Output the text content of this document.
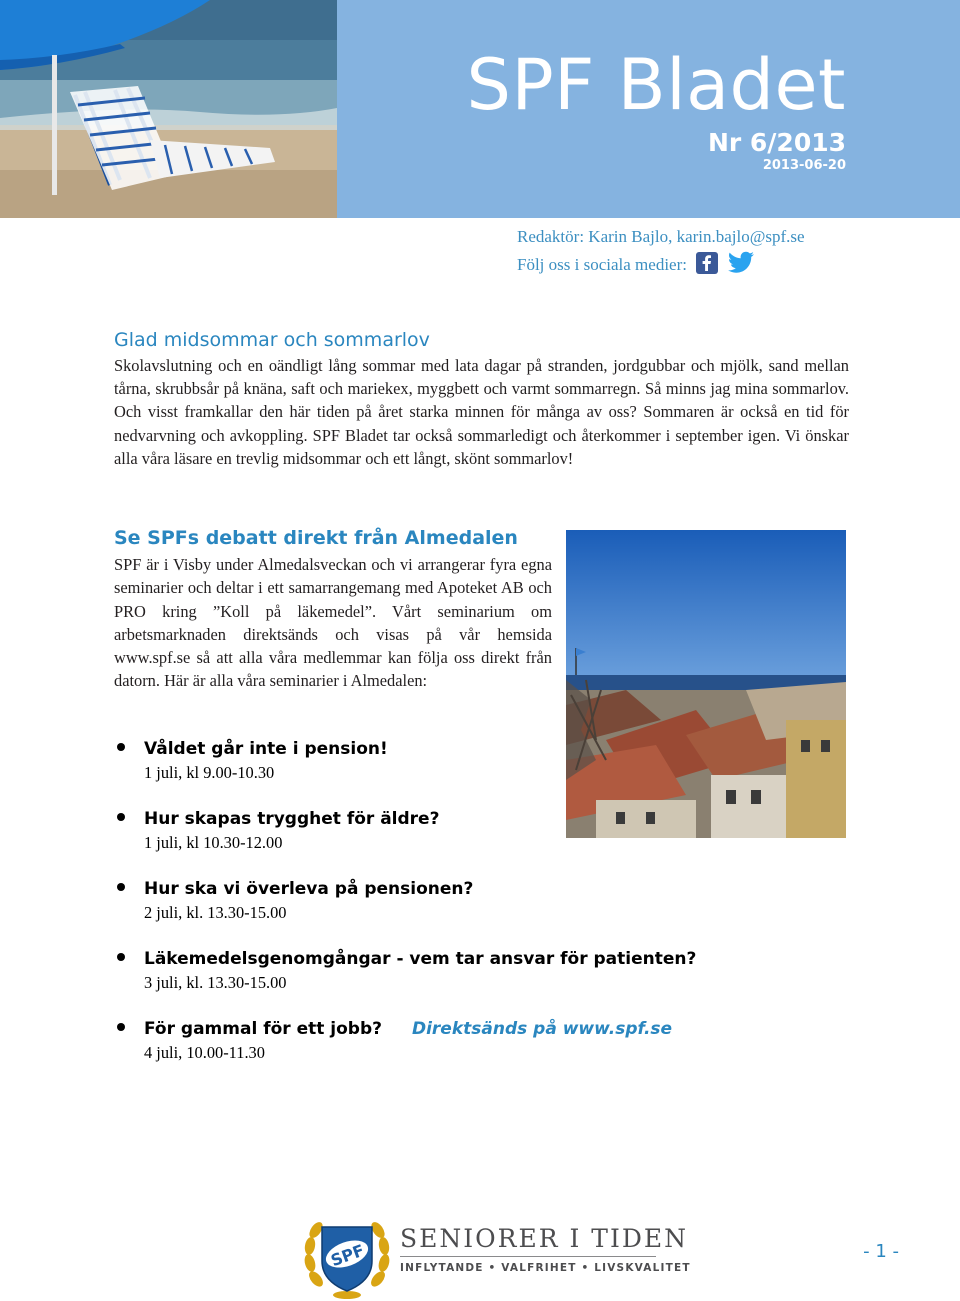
SPF Bladet
Nr 6/2013
2013-06-20
Redaktör: Karin Bajlo, karin.bajlo@spf.se
Följ oss i sociala medier:
Glad midsommar och sommarlov

Skolavslutning och en oändligt lång sommar med lata dagar på stranden, jordgubbar och mjölk, sand mellan tårna, skrubbsår på knäna, saft och mariekex, myggbett och varmt sommarregn. Så minns jag mina sommarlov. Och visst framkallar den här tiden på året starka minnen för många av oss? Sommaren är också en tid för nedvarvning och avkoppling. SPF Bladet tar också sommarledigt och återkommer i september igen. Vi önskar alla våra läsare en trevlig midsommar och ett långt, skönt sommarlov!

Se SPFs debatt direkt från Almedalen

SPF är i Visby under Almedalsveckan och vi arrangerar fyra egna seminarier och deltar i ett samarrangemang med Apoteket AB och PRO kring ”Koll på läkemedel”. Vårt seminarium om arbetsmarknaden direktsänds och visas på vår hemsida www.spf.se så att alla våra medlemmar kan följa oss direkt från datorn. Här är alla våra seminarier i Almedalen:

Våldet går inte i pension!
1 juli, kl 9.00-10.30
Hur skapas trygghet för äldre?
1 juli, kl 10.30-12.00
Hur ska vi överleva på pensionen?
2 juli, kl. 13.30-15.00
Läkemedelsgenomgångar - vem tar ansvar för patienten?
3 juli, kl. 13.30-15.00
För gammal för ett jobb? Direktsänds på www.spf.se
4 juli, 10.00-11.30
SPF
SENIORER I TIDEN
INFLYTANDE • VALFRIHET • LIVSKVALITET
- 1 -
